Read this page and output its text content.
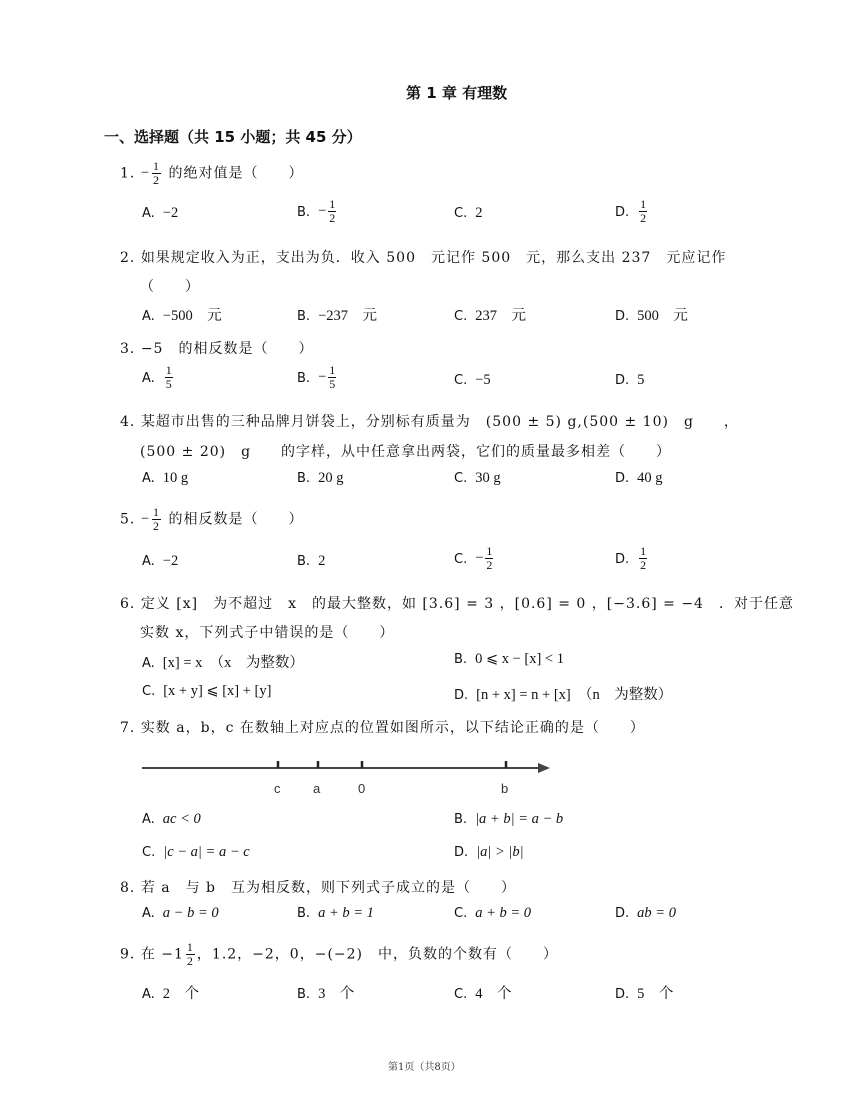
第 1 章 有理数
一、选择题（共 15 小题；共 45 分）
1. − $\frac{1}{2}$ 的绝对值是（　　）
A. −2	B. − $\frac{1}{2}$	C. 2	D. $\frac{1}{2}$
2. 如果规定收入为正，支出为负．收入 500　元记作 500　元，那么支出 237　元应记作
（　　）
A. −500　元	B. −237　元	C. 237　元	D. 500　元
3. −5　的相反数是（　　）
A. $\frac{1}{5}$	B. − $\frac{1}{5}$	C. −5	D. 5
4. 某超市出售的三种品牌月饼袋上，分别标有质量为　(500 ± 5) g,(500 ± 10)　g　　，
(500 ± 20)　g　　的字样，从中任意拿出两袋，它们的质量最多相差（　　）
A. 10 g	B. 20 g	C. 30 g	D. 40 g
5. − $\frac{1}{2}$ 的相反数是（　　）
A. −2	B. 2	C. − $\frac{1}{2}$	D. $\frac{1}{2}$
6. 定义 [x]　为不超过　x　的最大整数，如 [3.6] = 3 ，[0.6] = 0 ，[−3.6] = −4　．对于任意
实数 x，下列式子中错误的是（　　）
A. [x] = x　（x　为整数）	B. 0 ⩽ x − [x] < 1
C. [x + y] ⩽ [x] + [y]	D. [n + x] = n + [x]　（n　为整数）
7. 实数 a，b，c 在数轴上对应点的位置如图所示，以下结论正确的是（　　）
c	a	0	b
A. ac < 0	B. |a + b| = a − b
C. |c − a| = a − c	D. |a| > |b|
8. 若 a　与 b　互为相反数，则下列式子成立的是（　　）
A. a − b = 0	B. a + b = 1	C. a + b = 0	D. ab = 0
9. 在 $-1 \frac{1}{2}$ ，1.2，−2，0，−(−2)　中，负数的个数有（　　）
A. 2　个	B. 3　个	C. 4　个	D. 5　个
第1页（共8页）
